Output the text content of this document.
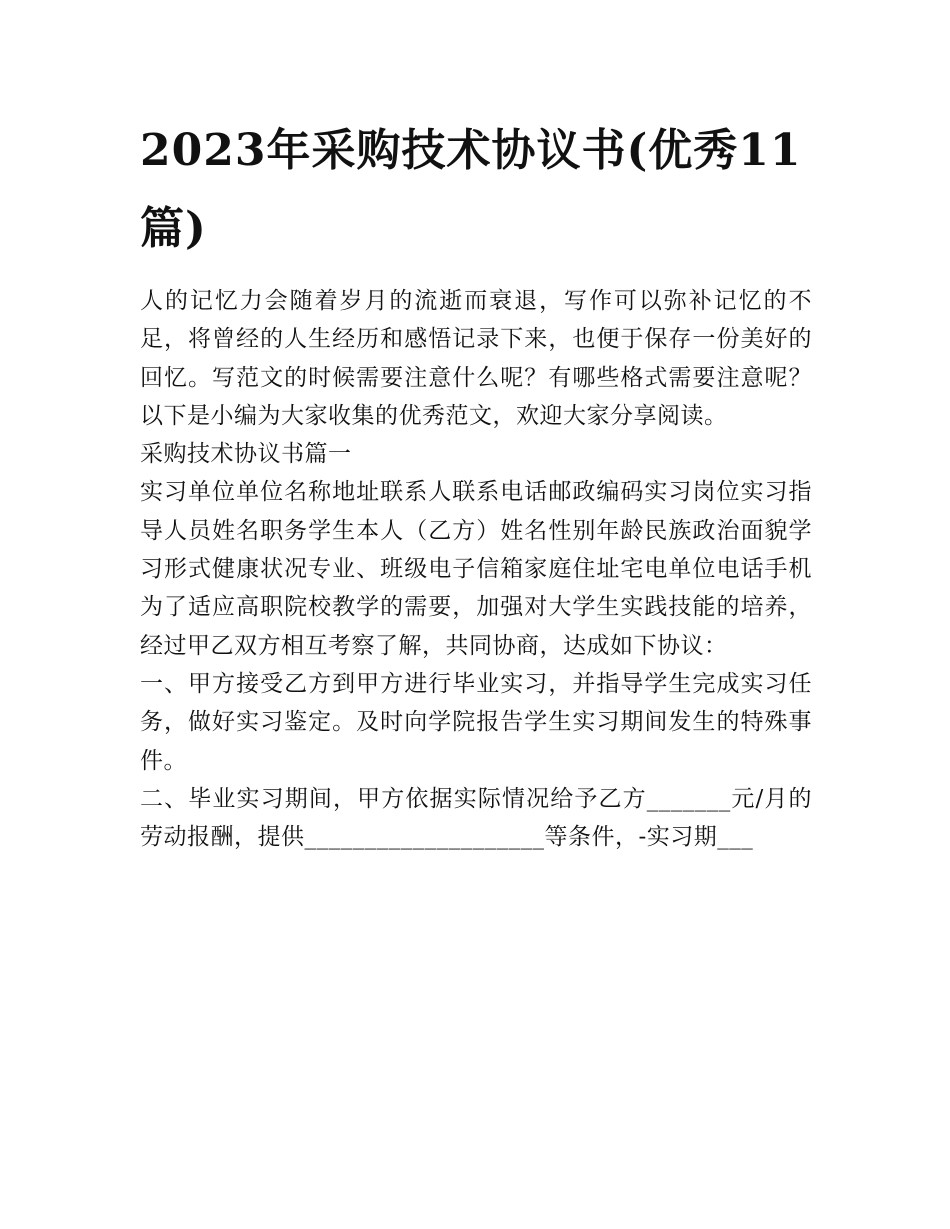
2023年采购技术协议书(优秀11篇)

人的记忆力会随着岁月的流逝而衰退，写作可以弥补记忆的不足，将曾经的人生经历和感悟记录下来，也便于保存一份美好的回忆。写范文的时候需要注意什么呢？有哪些格式需要注意呢？以下是小编为大家收集的优秀范文，欢迎大家分享阅读。

采购技术协议书篇一

实习单位单位名称地址联系人联系电话邮政编码实习岗位实习指导人员姓名职务学生本人（乙方）姓名性别年龄民族政治面貌学习形式健康状况专业、班级电子信箱家庭住址宅电单位电话手机为了适应高职院校教学的需要，加强对大学生实践技能的培养，经过甲乙双方相互考察了解，共同协商，达成如下协议：

一、甲方接受乙方到甲方进行毕业实习，并指导学生完成实习任务，做好实习鉴定。及时向学院报告学生实习期间发生的特殊事件。

二、毕业实习期间，甲方依据实际情况给予乙方_______元/月的劳动报酬，提供____________________等条件，-实习期___
